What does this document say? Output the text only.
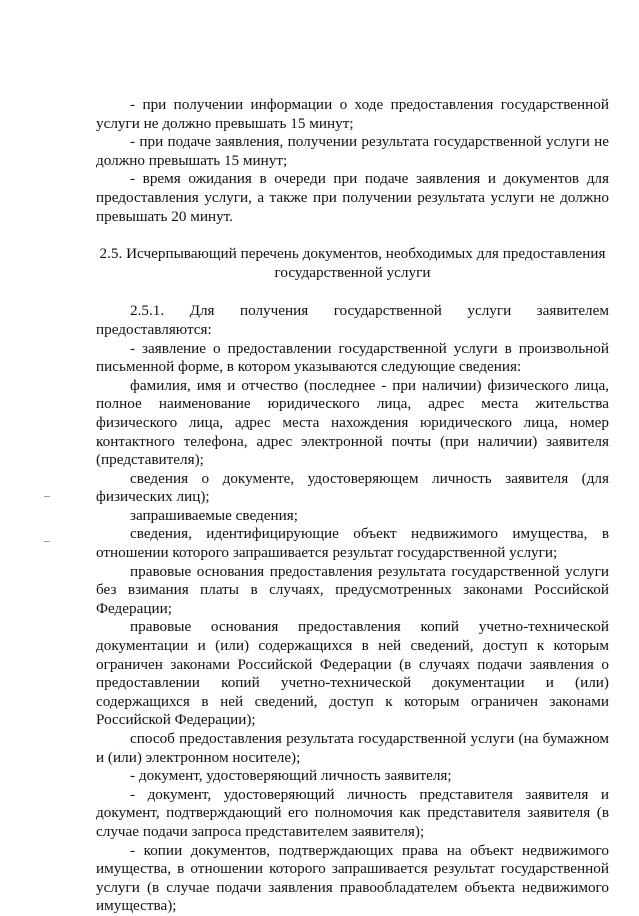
- при получении информации о ходе предоставления государственной услуги не должно превышать 15 минут;

- при подаче заявления, получении результата государственной услуги не должно превышать 15 минут;

- время ожидания в очереди при подаче заявления и документов для предоставления услуги, а также при получении результата услуги не должно превышать 20 минут.

2.5. Исчерпывающий перечень документов, необходимых для предоставления государственной услуги

2.5.1. Для получения государственной услуги заявителем предоставляются:

- заявление о предоставлении государственной услуги в произвольной письменной форме, в котором указываются следующие сведения:

фамилия, имя и отчество (последнее - при наличии) физического лица, полное наименование юридического лица, адрес места жительства физического лица, адрес места нахождения юридического лица, номер контактного телефона, адрес электронной почты (при наличии) заявителя (представителя);

сведения о документе, удостоверяющем личность заявителя (для физических лиц);

запрашиваемые сведения;

сведения, идентифицирующие объект недвижимого имущества, в отношении которого запрашивается результат государственной услуги;

правовые основания предоставления результата государственной услуги без взимания платы в случаях, предусмотренных законами Российской Федерации;

правовые основания предоставления копий учетно-технической документации и (или) содержащихся в ней сведений, доступ к которым ограничен законами Российской Федерации (в случаях подачи заявления о предоставлении копий учетно-технической документации и (или) содержащихся в ней сведений, доступ к которым ограничен законами Российской Федерации);

способ предоставления результата государственной услуги (на бумажном и (или) электронном носителе);

- документ, удостоверяющий личность заявителя;

- документ, удостоверяющий личность представителя заявителя и документ, подтверждающий его полномочия как представителя заявителя (в случае подачи запроса представителем заявителя);

- копии документов, подтверждающих права на объект недвижимого имущества, в отношении которого запрашивается результат государственной услуги (в случае подачи заявления правообладателем объекта недвижимого имущества);
